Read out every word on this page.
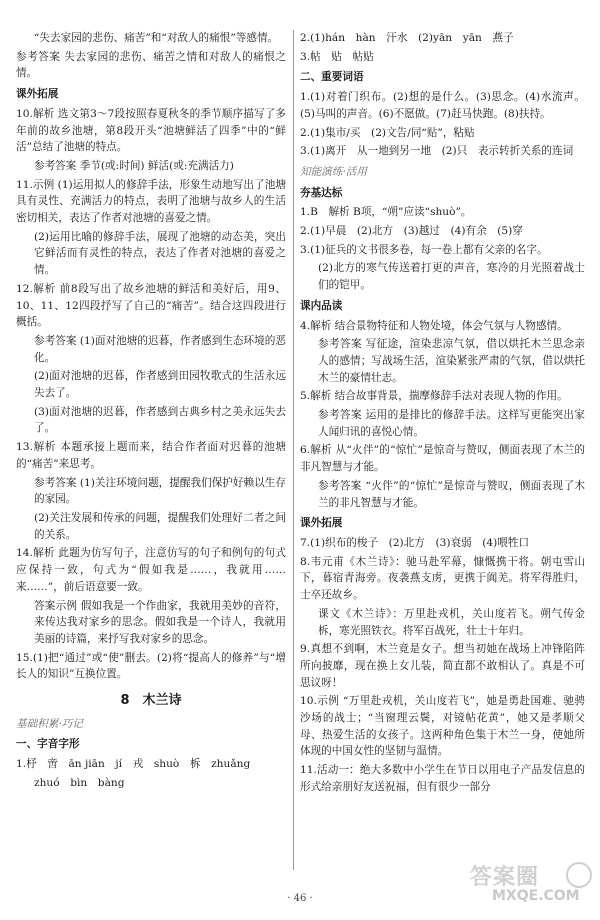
“失去家园的悲伤、痛苦”和“对敌人的痛恨”等感情。

参考答案 失去家园的悲伤、痛苦之情和对敌人的痛恨之情。

课外拓展

10.解析 选文第3～7段按照春夏秋冬的季节顺序描写了多年前的故乡池塘，第8段开头“池塘鲜活了四季”中的“鲜活”总结了池塘的特点。

参考答案 季节(或:时间) 鲜活(或:充满活力)

11.示例 (1)运用拟人的修辞手法，形象生动地写出了池塘具有灵性、充满活力的特点，表明了池塘与故乡人的生活密切相关，表达了作者对池塘的喜爱之情。

(2)运用比喻的修辞手法，展现了池塘的动态美，突出它鲜活而有灵性的特点，表达了作者对池塘的喜爱之情。

12.解析 前8段写出了故乡池塘的鲜活和美好后，用9、10、11、12四段抒写了自己的“痛苦”。结合这四段进行概括。

参考答案 (1)面对池塘的迟暮，作者感到生态环境的恶化。

(2)面对池塘的迟暮，作者感到田园牧歌式的生活永远失去了。

(3)面对池塘的迟暮，作者感到古典乡村之美永远失去了。

13.解析 本题承接上题而来，结合作者面对迟暮的池塘的“痛苦”来思考。

参考答案 (1)关注环境问题，提醒我们保护好赖以生存的家园。

(2)关注发展和传承的问题，提醒我们处理好二者之间的关系。

14.解析 此题为仿写句子，注意仿写的句子和例句的句式应保持一致，句式为“假如我是……，我就用……来……”，前后语意要一致。

答案示例 假如我是一个作曲家，我就用美妙的音符，来传达我对家乡的思念。假如我是一个诗人，我就用美丽的诗篇，来抒写我对家乡的思念。

15.(1)把“通过”或“使”删去。(2)将“提高人的修养”与“增长人的知识”互换位置。

8　木兰诗
基础积累·巧记
一、字音字形

1.杼　啻　ān jiān　jí　戎　shuò　柝　zhuǎng

zhuó　bìn　bàng

2.(1)hán　hàn　汗水　(2)yān　yān　燕子

3.帖　贴　帖贴

二、重要词语

1.(1)对着门织布。(2)想的是什么。(3)思念。(4)水流声。(5)马叫的声音。(6)不愿做。(7)赶马快跑。(8)扶持。

2.(1)集市/买　(2)文告/同“贴”，粘贴

3.(1)离开　从一地到另一地　(2)只　表示转折关系的连词

知能演练·活用
夯基达标

1.B　解析 B项，“朔”应读“shuò”。

2.(1)早晨　(2)北方　(3)越过　(4)有余　(5)穿

3.(1)征兵的文书很多卷，每一卷上都有父亲的名字。

(2)北方的寒气传送着打更的声音，寒冷的月光照着战士们的铠甲。

课内品读

4.解析 结合景物特征和人物处境，体会气氛与人物感情。

参考答案 写征途，渲染悲凉气氛，借以烘托木兰思念亲人的感情；写战场生活，渲染紧张严肃的气氛，借以烘托木兰的豪情壮志。

5.解析 结合故事背景，揣摩修辞手法对表现人物的作用。

参考答案 运用的是排比的修辞手法。这样写更能突出家人闻归讯的喜悦心情。

6.解析 从“火伴”的“惊忙”是惊奇与赞叹，侧面表现了木兰的非凡智慧与才能。

参考答案 “火伴”的“惊忙”是惊奇与赞叹，侧面表现了木兰的非凡智慧与才能。

课外拓展

7.(1)织布的梭子　(2)北方　(3)衰弱　(4)喂牲口

8.韦元甫《木兰诗》：驰马赴军幕，慷慨携干将。朝屯雪山下，暮宿青海旁。夜袭燕支虏，更携于阗羌。将军得胜归，士卒还故乡。

课文《木兰诗》：万里赴戎机，关山度若飞。朔气传金柝，寒光照铁衣。将军百战死，壮士十年归。

9.真想不到啊，木兰竟是女子。想当初她在战场上冲锋陷阵所向披靡，现在换上女儿装，简直都不敢相认了。真是不可思议呀！

10.示例 “万里赴戎机，关山度若飞”，她是勇赴国难、驰骋沙场的战士；“当窗理云鬓，对镜帖花黄”，她又是孝顺父母、热爱生活的女孩子。这两种角色集于木兰一身，使她所体现的中国女性的坚韧与温情。

11.活动一：绝大多数中小学生在节日以用电子产品发信息的形式给亲朋好友送祝福，但有很少一部分

· 46 ·
答案圈
MXQE.COM
